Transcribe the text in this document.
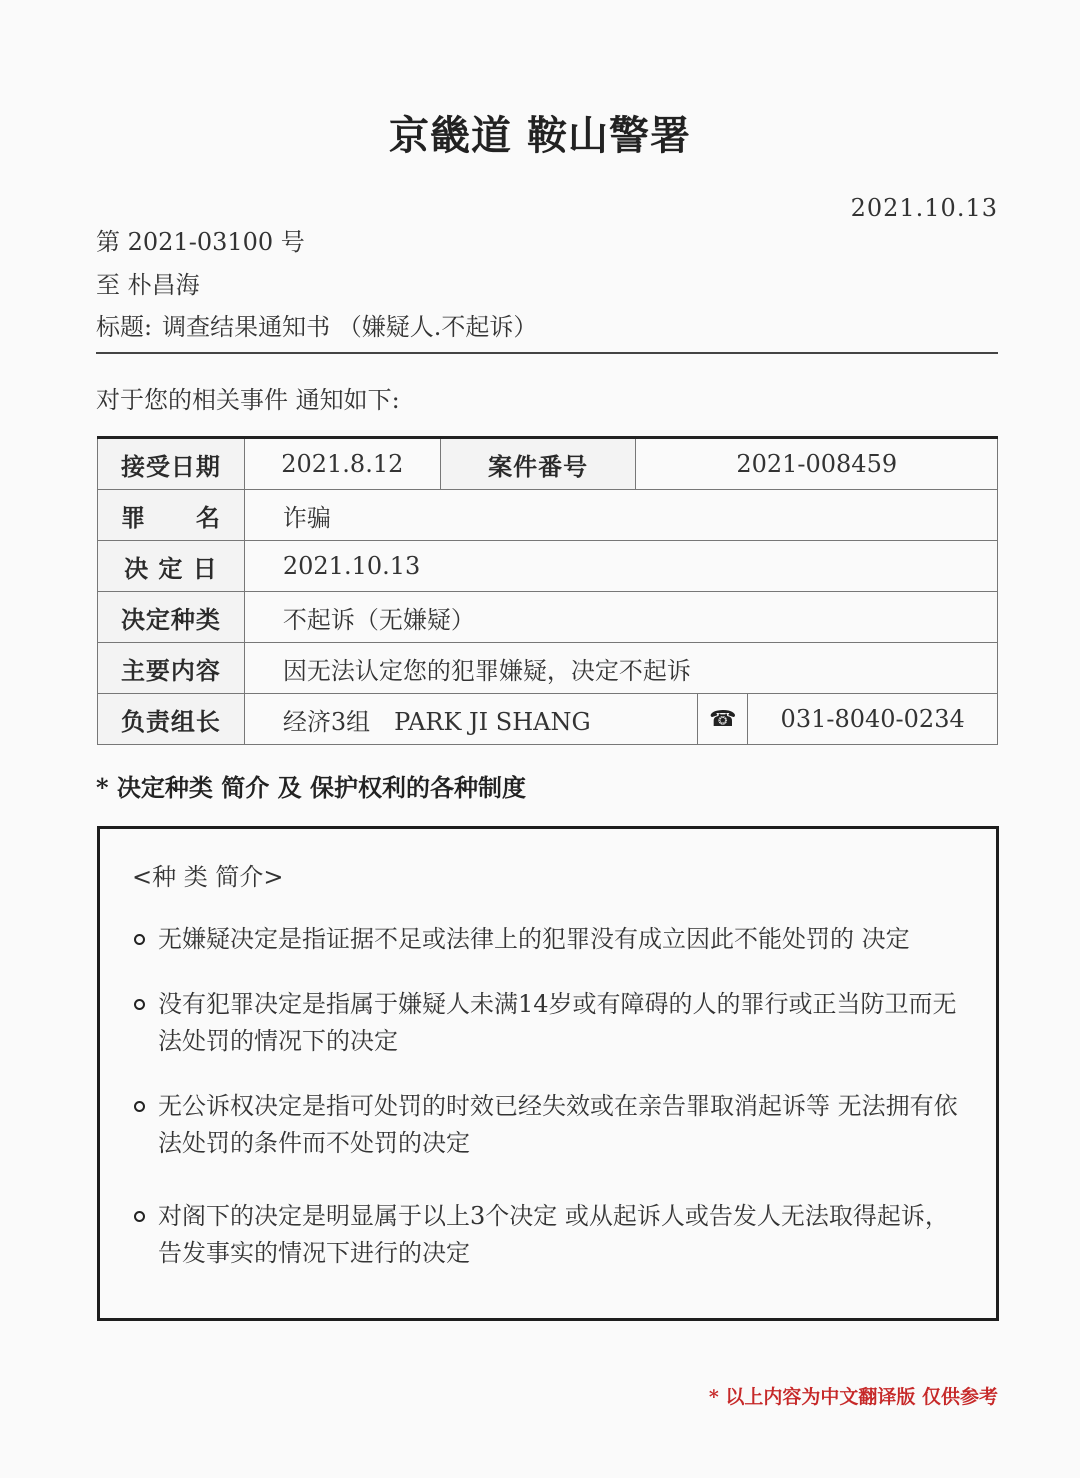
京畿道 鞍山警署
2021.10.13
第 2021-03100 号
至 朴昌海
标题: 调查结果通知书 （嫌疑人.不起诉）
对于您的相关事件 通知如下:
接受日期	2021.8.12	案件番号	2021-008459		
罪　　名	诈骗				
决 定 日	2021.10.13				
决定种类	不起诉（无嫌疑）				
主要内容	因无法认定您的犯罪嫌疑，决定不起诉				
负责组长	经济3组　PARK JI SHANG			☎	031-8040-0234
* 决定种类 简介 及 保护权利的各种制度
<种 类 简介>
无嫌疑决定是指证据不足或法律上的犯罪没有成立因此不能处罚的 决定
没有犯罪决定是指属于嫌疑人未满14岁或有障碍的人的罪行或正当防卫而无法处罚的情况下的决定
无公诉权决定是指可处罚的时效已经失效或在亲告罪取消起诉等 无法拥有依法处罚的条件而不处罚的决定
对阁下的决定是明显属于以上3个决定 或从起诉人或告发人无法取得起诉，告发事实的情况下进行的决定
* 以上内容为中文翻译版 仅供参考
